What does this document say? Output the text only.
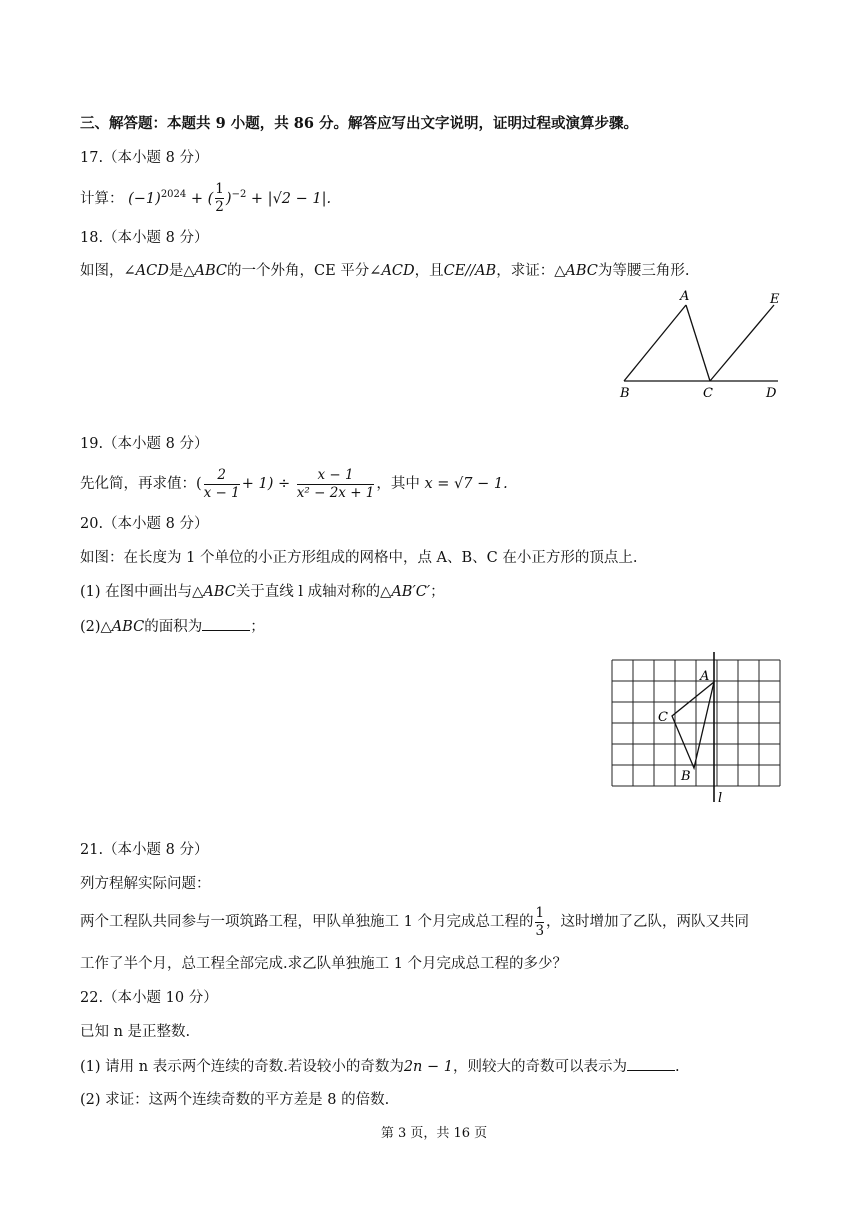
三、解答题：本题共 9 小题，共 86 分。解答应写出文字说明，证明过程或演算步骤。
17.（本小题 8 分）
计算： $(-1)^{2024}$ + ( $\frac{1}{2} )^{-2} + |√2 - 1|$.
18.（本小题 8 分）
如图，∠ACD是△ABC的一个外角，CE 平分∠ACD，且CE//AB，求证：△ABC为等腰三角形.
A	E
B	C	D
19.（本小题 8 分）
先化简，再求值：( $\frac{2}{x - 1} + 1) \div \frac{x - 1}{\text{x² − 2x + 1}}$ ，其中 x = √7 − 1.
20.（本小题 8 分）
如图：在长度为 1 个单位的小正方形组成的网格中，点 A、B、C 在小正方形的顶点上.
(1) 在图中画出与△ABC关于直线 l 成轴对称的△AB′C′；
(2)△ABC的面积为	；
A
C
B
l
21.（本小题 8 分）
列方程解实际问题：
两个工程队共同参与一项筑路工程，甲队单独施工 1 个月完成总工程的 $\frac{1}{3}$ ，这时增加了乙队，两队又共同
工作了半个月，总工程全部完成.求乙队单独施工 1 个月完成总工程的多少？
22.（本小题 10 分）
已知 n 是正整数.
(1) 请用 n 表示两个连续的奇数.若设较小的奇数为2n − 1，则较大的奇数可以表示为	.
(2) 求证：这两个连续奇数的平方差是 8 的倍数.
第 3 页，共 16 页
